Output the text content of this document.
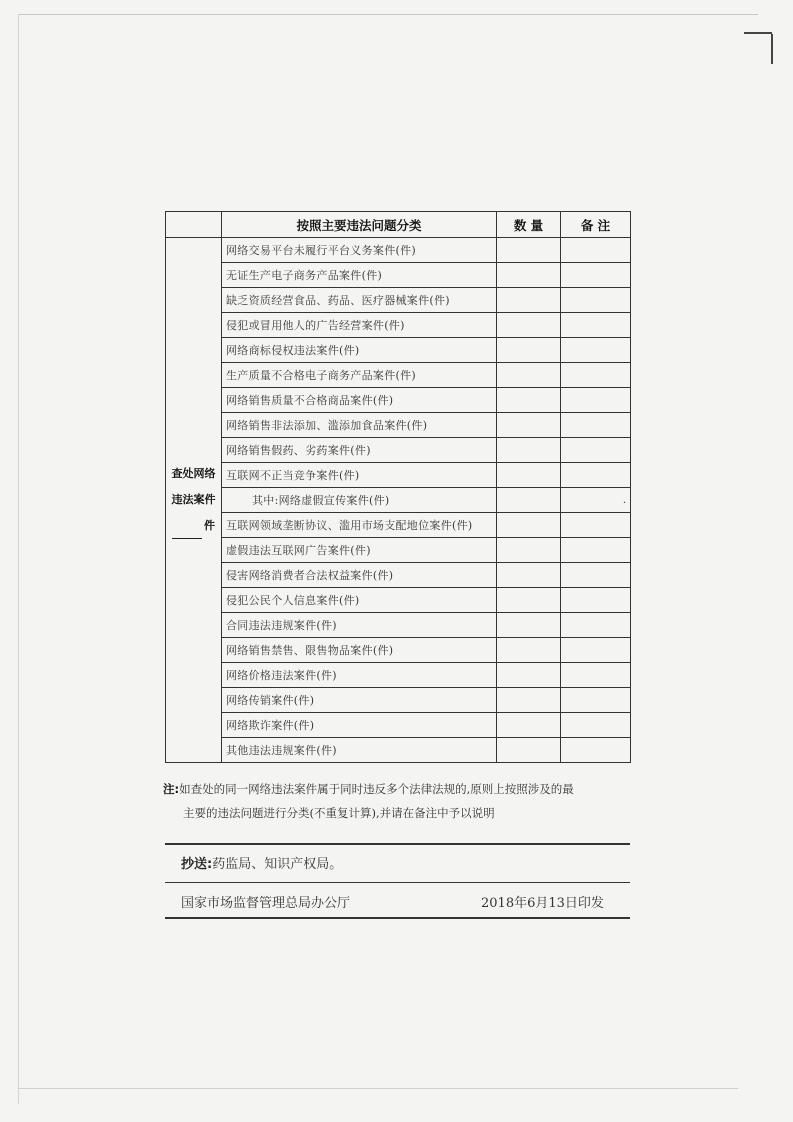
	按照主要违法问题分类	数 量	备 注

查处网络
违法案件
件	网络交易平台未履行平台义务案件(件)		
	无证生产电子商务产品案件(件)		
	缺乏资质经营食品、药品、医疗器械案件(件)		
	侵犯或冒用他人的广告经营案件(件)		
	网络商标侵权违法案件(件)		
	生产质量不合格电子商务产品案件(件)		
	网络销售质量不合格商品案件(件)		
	网络销售非法添加、滥添加食品案件(件)		
	网络销售假药、劣药案件(件)		
	互联网不正当竞争案件(件)		
	其中:网络虚假宣传案件(件)		.

	互联网领域垄断协议、滥用市场支配地位案件(件)		
	虚假违法互联网广告案件(件)		
	侵害网络消费者合法权益案件(件)		
	侵犯公民个人信息案件(件)		
	合同违法违规案件(件)		
	网络销售禁售、限售物品案件(件)		
	网络价格违法案件(件)		
	网络传销案件(件)		
	网络欺诈案件(件)		
	其他违法违规案件(件)		
注:如查处的同一网络违法案件属于同时违反多个法律法规的,原则上按照涉及的最
主要的违法问题进行分类(不重复计算),并请在备注中予以说明
抄送:药监局、知识产权局。
国家市场监督管理总局办公厅	2018年6月13日印发
